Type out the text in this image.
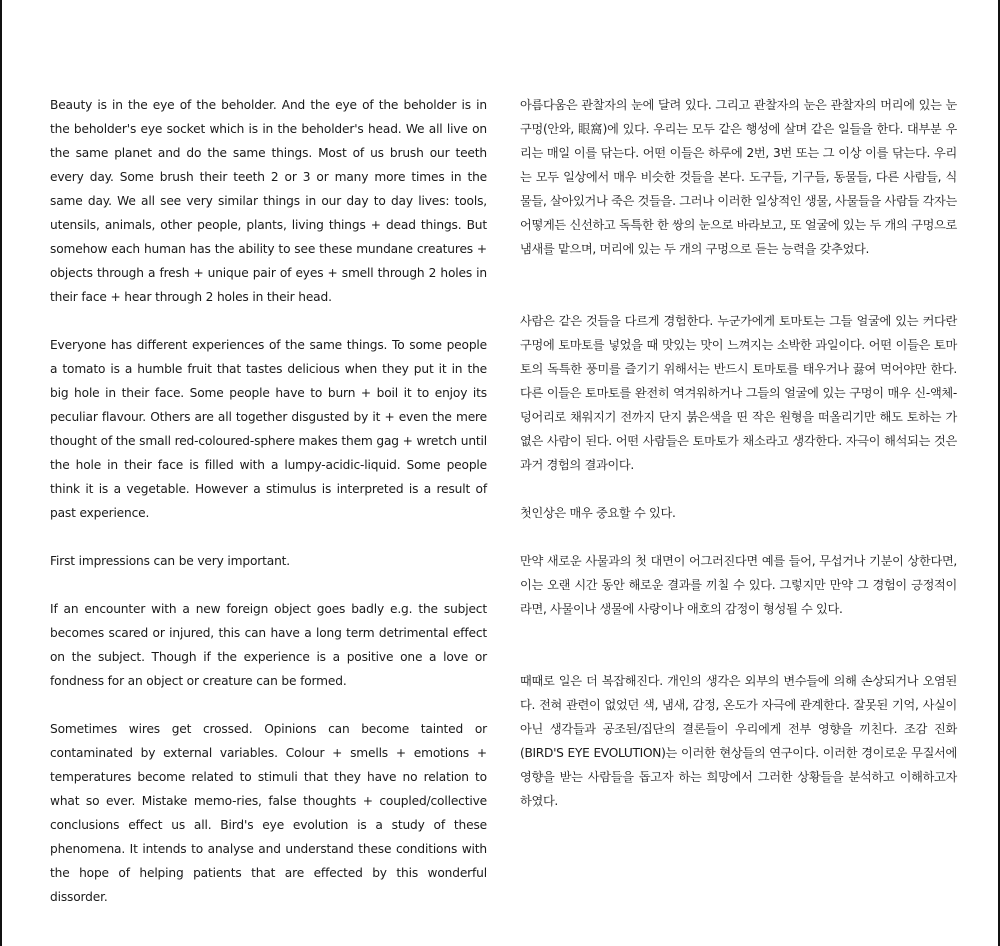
Beauty is in the eye of the beholder. And the eye of the beholder is in the beholder's eye socket which is in the beholder's head. We all live on the same planet and do the same things. Most of us brush our teeth every day. Some brush their teeth 2 or 3 or many more times in the same day. We all see very similar things in our day to day lives: tools, utensils, animals, other people, plants, living things + dead things. But somehow each human has the ability to see these mundane creatures + objects through a fresh + unique pair of eyes + smell through 2 holes in their face + hear through 2 holes in their head.

Everyone has different experiences of the same things. To some people a tomato is a humble fruit that tastes delicious when they put it in the big hole in their face. Some people have to burn + boil it to enjoy its peculiar flavour. Others are all together disgusted by it + even the mere thought of the small red-coloured-sphere makes them gag + wretch until the hole in their face is filled with a lumpy-acidic-liquid. Some people think it is a vegetable. However a stimulus is interpreted is a result of past experience.

First impressions can be very important.

If an encounter with a new foreign object goes badly e.g. the subject becomes scared or injured, this can have a long term detrimental effect on the subject. Though if the experience is a positive one a love or fondness for an object or creature can be formed.

Sometimes wires get crossed. Opinions can become tainted or contaminated by external variables. Colour + smells + emotions + temperatures become related to stimuli that they have no relation to what so ever. Mistake memo-ries, false thoughts + coupled/collective conclusions effect us all. Bird's eye evolution is a study of these phenomena. It intends to analyse and understand these conditions with the hope of helping patients that are effected by this wonderful dissorder.

아름다움은 관찰자의 눈에 달려 있다. 그리고 관찰자의 눈은 관찰자의 머리에 있는 눈구멍(안와, 眼窩)에 있다. 우리는 모두 같은 행성에 살며 같은 일들을 한다. 대부분 우리는 매일 이를 닦는다. 어떤 이들은 하루에 2번, 3번 또는 그 이상 이를 닦는다. 우리는 모두 일상에서 매우 비슷한 것들을 본다. 도구들, 기구들, 동물들, 다른 사람들, 식물들, 살아있거나 죽은 것들을. 그러나 이러한 일상적인 생물, 사물들을 사람들 각자는 어떻게든 신선하고 독특한 한 쌍의 눈으로 바라보고, 또 얼굴에 있는 두 개의 구멍으로 냄새를 맡으며, 머리에 있는 두 개의 구멍으로 듣는 능력을 갖추었다.

사람은 같은 것들을 다르게 경험한다. 누군가에게 토마토는 그들 얼굴에 있는 커다란 구멍에 토마토를 넣었을 때 맛있는 맛이 느껴지는 소박한 과일이다. 어떤 이들은 토마토의 독특한 풍미를 즐기기 위해서는 반드시 토마토를 태우거나 끓여 먹어야만 한다. 다른 이들은 토마토를 완전히 역겨워하거나 그들의 얼굴에 있는 구멍이 매우 신-액체-덩어리로 채워지기 전까지 단지 붉은색을 띤 작은 원형을 떠올리기만 해도 토하는 가엾은 사람이 된다. 어떤 사람들은 토마토가 채소라고 생각한다. 자극이 해석되는 것은 과거 경험의 결과이다.

첫인상은 매우 중요할 수 있다.

만약 새로운 사물과의 첫 대면이 어그러진다면 예를 들어, 무섭거나 기분이 상한다면, 이는 오랜 시간 동안 해로운 결과를 끼칠 수 있다. 그렇지만 만약 그 경험이 긍정적이라면, 사물이나 생물에 사랑이나 애호의 감정이 형성될 수 있다.

때때로 일은 더 복잡해진다. 개인의 생각은 외부의 변수들에 의해 손상되거나 오염된다. 전혀 관련이 없었던 색, 냄새, 감정, 온도가 자극에 관계한다. 잘못된 기억, 사실이 아닌 생각들과 공조된/집단의 결론들이 우리에게 전부 영향을 끼친다. 조감 진화(BIRD'S EYE EVOLUTION)는 이러한 현상들의 연구이다. 이러한 경이로운 무질서에 영향을 받는 사람들을 돕고자 하는 희망에서 그러한 상황들을 분석하고 이해하고자 하였다.
